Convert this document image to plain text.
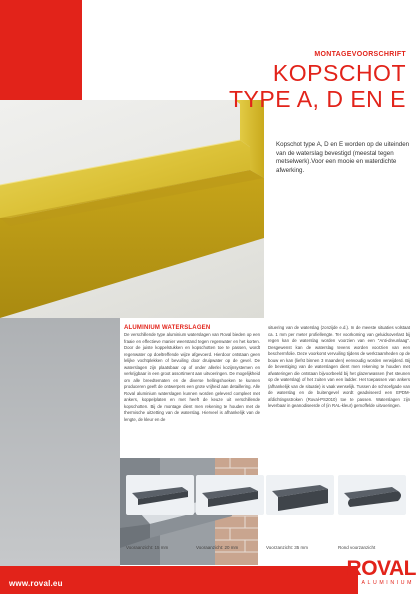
MONTAGEVOORSCHRIFT
KOPSCHOT
TYPE A, D EN E
Kopschot type A, D en E worden op de uiteinden van de waterslag bevestigd (meestal tegen metselwerk).Voor een mooie en waterdichte afwerking.
ALUMINIUM WATERSLAGEN
De verschillende type aluminium waterslagen van Roval bieden op een fraaie en effectieve manier weerstand tegen regenwater en het korten. Door de juiste koppelstukken en kopschotten toe te passen, wordt regenwater op doeltreffende wijze afgevoerd. Hierdoor ontstaan geen lelijke vochtplekken of bevuiling door druipwater op de gevel. De waterslagen zijn plaatsbaar op of onder allerlei kozijnsystemen en verkrijgbaar in een groot assortiment aan uitvoeringen. De mogelijkheid om alle breedtematen en de diverse hellingshoeken te kunnen produceren geeft de ontwerpers een grote vrijheid aan detaillering. Alle Roval aluminium waterslagen kunnen worden geleverd compleet met ankers, koppelplaten en met heeft de keuze uit verschillende kopschotten. Bij de montage dient men rekening te houden met de thermische uitzetting van de waterslag. Hierveel is afhankelijk van de lengte, de kleur en de
situering van de waterslag (zonzijde e.d.). In de meeste situaties volstaat ca. 1 mm per meter profiellengte. Ter voorkoming van geluidsoverlast bij regen kan de waterslag worden voorzien van een "Anti-dreunlaag". Desgewenst kan de waterslag tevens worden voorzien van een beschermfolie. Deze voorkomt vervuiling tijdens de werkzaamheden op de bouw en kan (liefst binnen 3 maanden) eenvoudig worden verwijderd. Bij de bevestiging van de waterslagen dient men rekening te houden met afwateringen die ontstaan bijvoorbeeld bij het glazenwassen (het steunen op de waterslag) of het zuiten van een ladder. Het toepassen van ankers (afhankelijk van de situatie) is vaak wenselijk. Tussen de schroefgade van de waterslag en de buitengevel wordt geadviseerd een EPDM-afdichtingsstroken (Roval-PS2010) toe te passen. Waterslagen zijn leverbaar in geanodiseerde of (in RAL-kleur) gemoffelde uitvoeringen.
Vooraanzicht: 15 mm	Vooraanzicht: 20 mm	Voorzanzicht: 35 mm	Rond voorzanzicht
www.roval.eu
ROVAL
ALUMINIUM
